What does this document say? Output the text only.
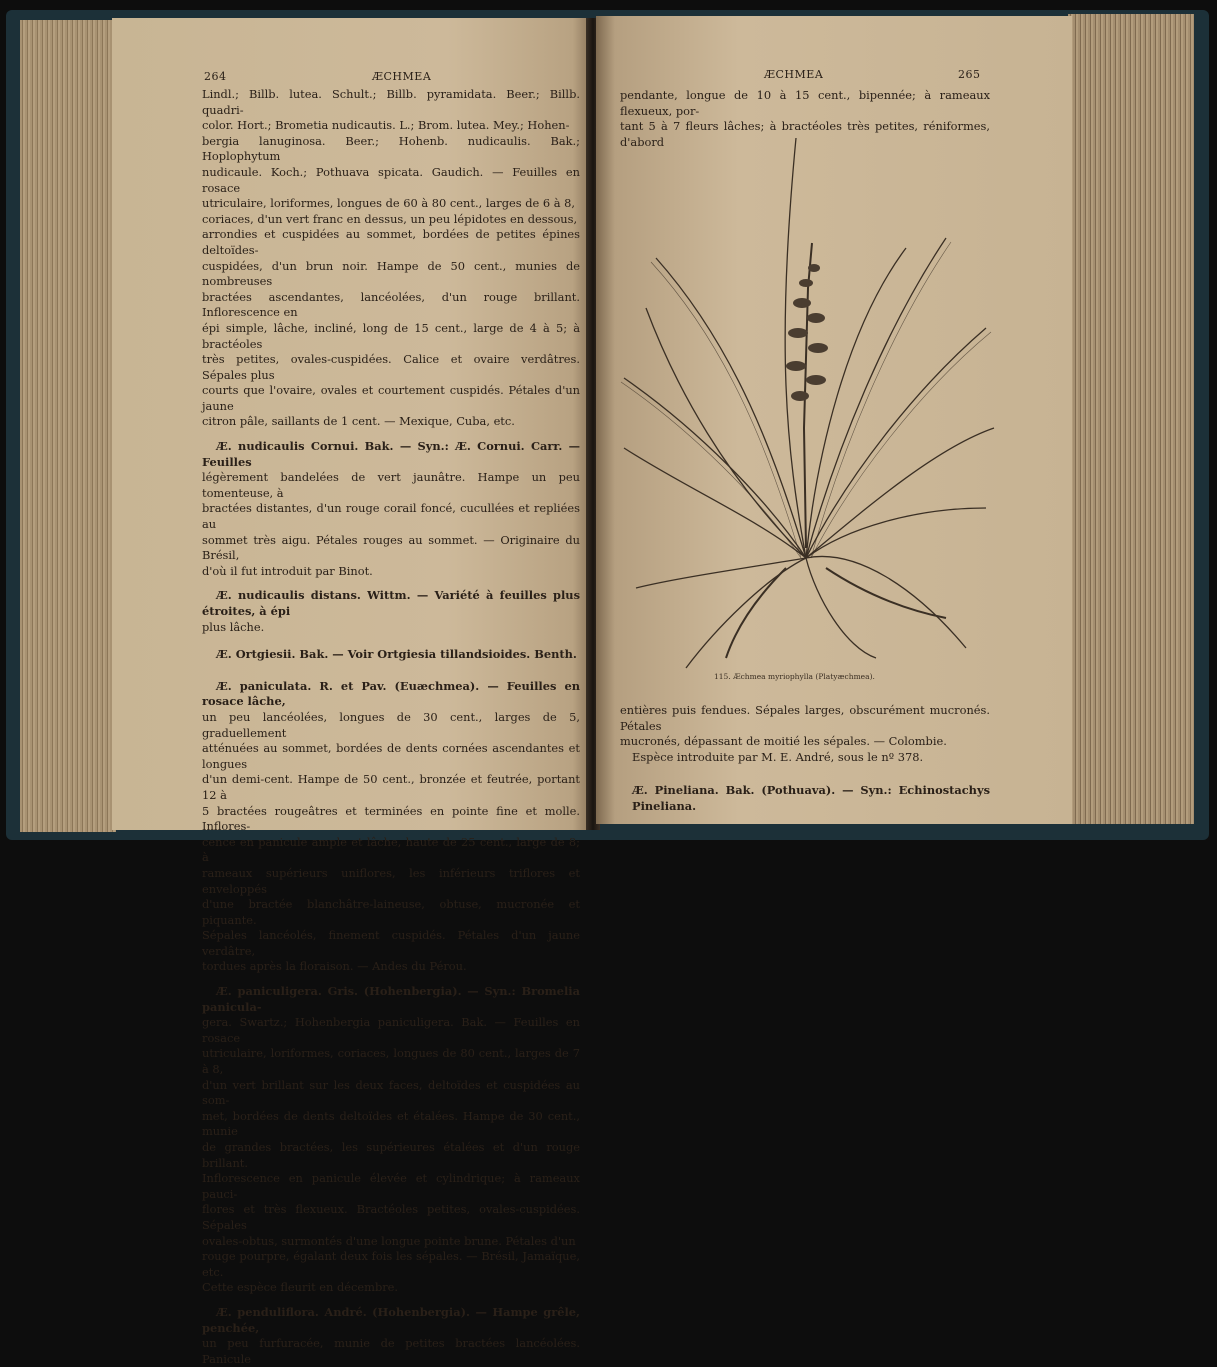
264	ÆCHMEA

Lindl.; Billb. lutea. Schult.; Billb. pyramidata. Beer.; Billb. quadri-
color. Hort.; Brometia nudicautis. L.; Brom. lutea. Mey.; Hohen-
bergia lanuginosa. Beer.; Hohenb. nudicaulis. Bak.; Hoplophytum
nudicaule. Koch.; Pothuava spicata. Gaudich. — Feuilles en rosace
utriculaire, loriformes, longues de 60 à 80 cent., larges de 6 à 8,
coriaces, d'un vert franc en dessus, un peu lépidotes en dessous,
arrondies et cuspidées au sommet, bordées de petites épines deltoïdes-
cuspidées, d'un brun noir. Hampe de 50 cent., munies de nombreuses
bractées ascendantes, lancéolées, d'un rouge brillant. Inflorescence en
épi simple, lâche, incliné, long de 15 cent., large de 4 à 5; à bractéoles
très petites, ovales-cuspidées. Calice et ovaire verdâtres. Sépales plus
courts que l'ovaire, ovales et courtement cuspidés. Pétales d'un jaune
citron pâle, saillants de 1 cent. — Mexique, Cuba, etc.

Æ. nudicaulis Cornui. Bak. — Syn.: Æ. Cornui. Carr. — Feuilles
légèrement bandelées de vert jaunâtre. Hampe un peu tomenteuse, à
bractées distantes, d'un rouge corail foncé, cucullées et repliées au
sommet très aigu. Pétales rouges au sommet. — Originaire du Brésil,
d'où il fut introduit par Binot.

Æ. nudicaulis distans. Wittm. — Variété à feuilles plus étroites, à épi
plus lâche.

Æ. Ortgiesii. Bak. — Voir Ortgiesia tillandsioides. Benth.

Æ. paniculata. R. et Pav. (Euæchmea). — Feuilles en rosace lâche,
un peu lancéolées, longues de 30 cent., larges de 5, graduellement
atténuées au sommet, bordées de dents cornées ascendantes et longues
d'un demi-cent. Hampe de 50 cent., bronzée et feutrée, portant 12 à
5 bractées rougeâtres et terminées en pointe fine et molle. Inflores-
cence en panicule ample et lâche, haute de 25 cent., large de 8; à
rameaux supérieurs uniflores, les inférieurs triflores et enveloppés
d'une bractée blanchâtre-laineuse, obtuse, mucronée et piquante.
Sépales lancéolés, finement cuspidés. Pétales d'un jaune verdâtre,
tordues après la floraison. — Andes du Pérou.

Æ. paniculigera. Gris. (Hohenbergia). — Syn.: Bromelia panicula-
gera. Swartz.; Hohenbergia paniculigera. Bak. — Feuilles en rosace
utriculaire, loriformes, coriaces, longues de 80 cent., larges de 7 à 8,
d'un vert brillant sur les deux faces, deltoïdes et cuspidées au som-
met, bordées de dents deltoïdes et étalées. Hampe de 30 cent., munie
de grandes bractées, les supérieures étalées et d'un rouge brillant.
Inflorescence en panicule élevée et cylindrique; à rameaux pauci-
flores et très flexueux. Bractéoles petites, ovales-cuspidées. Sépales
ovales-obtus, surmontés d'une longue pointe brune. Pétales d'un
rouge pourpre, égalant deux fois les sépales. — Brésil, Jamaïque, etc.
Cette espèce fleurit en décembre.

Æ. penduliflora. André. (Hohenbergia). — Hampe grêle, penchée,
un peu furfuracée, munie de petites bractées lancéolées. Panicule

ÆCHMEA	265
pendante, longue de 10 à 15 cent., bipennée; à rameaux flexueux, por-
tant 5 à 7 fleurs lâches; à bractéoles très petites, réniformes, d'abord
115. Æchmea myriophylla (Platyæchmea).
entières puis fendues. Sépales larges, obscurément mucronés. Pétales
mucronés, dépassant de moitié les sépales. — Colombie.
Espèce introduite par M. E. André, sous le nº 378.
Æ. Pineliana. Bak. (Pothuava). — Syn.: Echinostachys Pineliana.
